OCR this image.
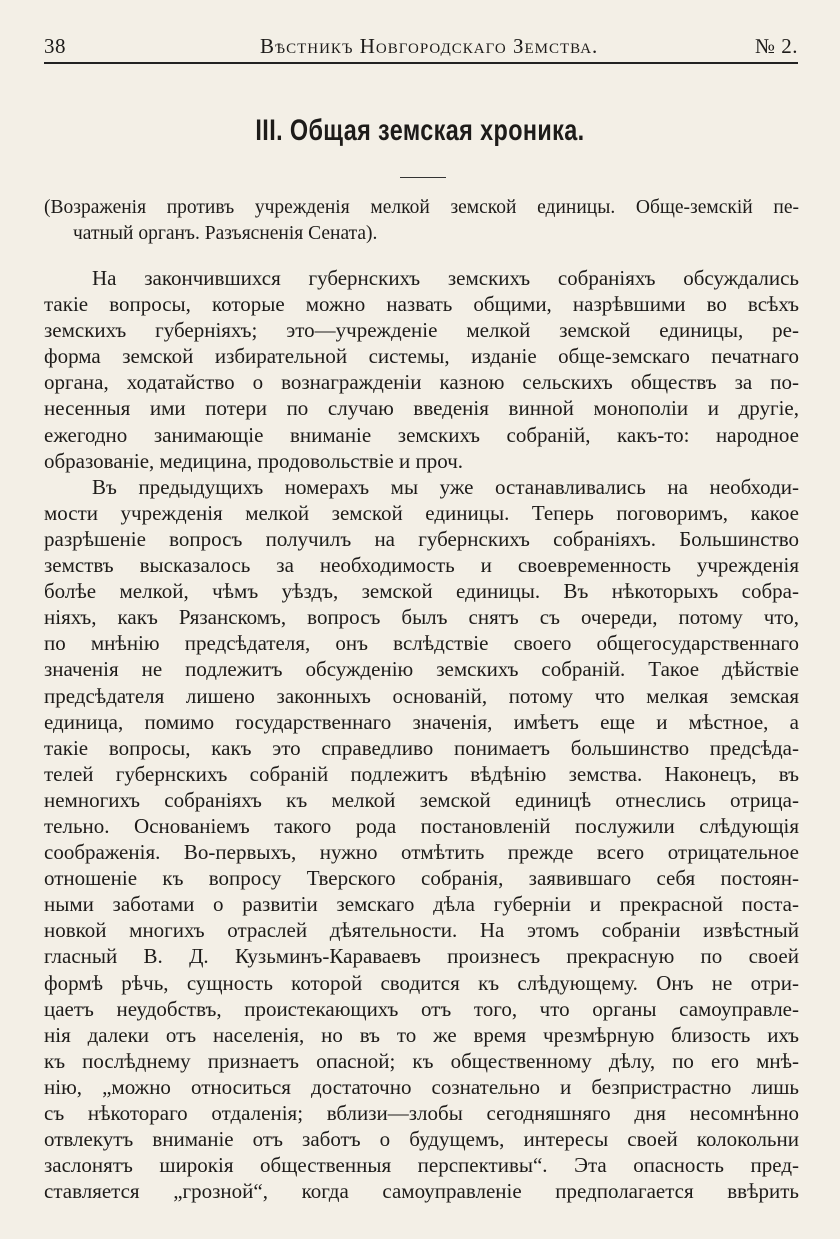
38	Вѣстникъ Новгородскаго Земства.	№ 2.
III. Общая земская хроника.
(Возраженія противъ учрежденія мелкой земской единицы. Обще-земскій пе-
чатный органъ. Разъясненія Сената).
На закончившихся губернскихъ земскихъ собраніяхъ обсуждались
такіе вопросы, которые можно назвать общими, назрѣвшими во всѣхъ
земскихъ губерніяхъ; это—учрежденіе мелкой земской единицы, ре-
форма земской избирательной системы, изданіе обще-земскаго печатнаго
органа, ходатайство о вознагражденіи казною сельскихъ обществъ за по-
несенныя ими потери по случаю введенія винной монополіи и другіе,
ежегодно занимающіе вниманіе земскихъ собраній, какъ-то: народное
образованіе, медицина, продовольствіе и проч.
Въ предыдущихъ номерахъ мы уже останавливались на необходи-
мости учрежденія мелкой земской единицы. Теперь поговоримъ, какое
разрѣшеніе вопросъ получилъ на губернскихъ собраніяхъ. Большинство
земствъ высказалось за необходимость и своевременность учрежденія
болѣе мелкой, чѣмъ уѣздъ, земской единицы. Въ нѣкоторыхъ собра-
ніяхъ, какъ Рязанскомъ, вопросъ былъ снятъ съ очереди, потому что,
по мнѣнію предсѣдателя, онъ вслѣдствіе своего общегосударственнаго
значенія не подлежитъ обсужденію земскихъ собраній. Такое дѣйствіе
предсѣдателя лишено законныхъ основаній, потому что мелкая земская
единица, помимо государственнаго значенія, имѣетъ еще и мѣстное, а
такіе вопросы, какъ это справедливо понимаетъ большинство предсѣда-
телей губернскихъ собраній подлежитъ вѣдѣнію земства. Наконецъ, въ
немногихъ собраніяхъ къ мелкой земской единицѣ отнеслись отрица-
тельно. Основаніемъ такого рода постановленій послужили слѣдующія
соображенія. Во-первыхъ, нужно отмѣтить прежде всего отрицательное
отношеніе къ вопросу Тверского собранія, заявившаго себя постоян-
ными заботами о развитіи земскаго дѣла губерніи и прекрасной поста-
новкой многихъ отраслей дѣятельности. На этомъ собраніи извѣстный
гласный В. Д. Кузьминъ-Караваевъ произнесъ прекрасную по своей
формѣ рѣчь, сущность которой сводится къ слѣдующему. Онъ не отри-
цаетъ неудобствъ, проистекающихъ отъ того, что органы самоуправле-
нія далеки отъ населенія, но въ то же время чрезмѣрную близость ихъ
къ послѣднему признаетъ опасной; къ общественному дѣлу, по его мнѣ-
нію, „можно относиться достаточно сознательно и безпристрастно лишь
съ нѣкотораго отдаленія; вблизи—злобы сегодняшняго дня несомнѣнно
отвлекутъ вниманіе отъ заботъ о будущемъ, интересы своей колокольни
заслонятъ широкія общественныя перспективы“. Эта опасность пред-
ставляется „грозной“, когда самоуправленіе предполагается ввѣрить
